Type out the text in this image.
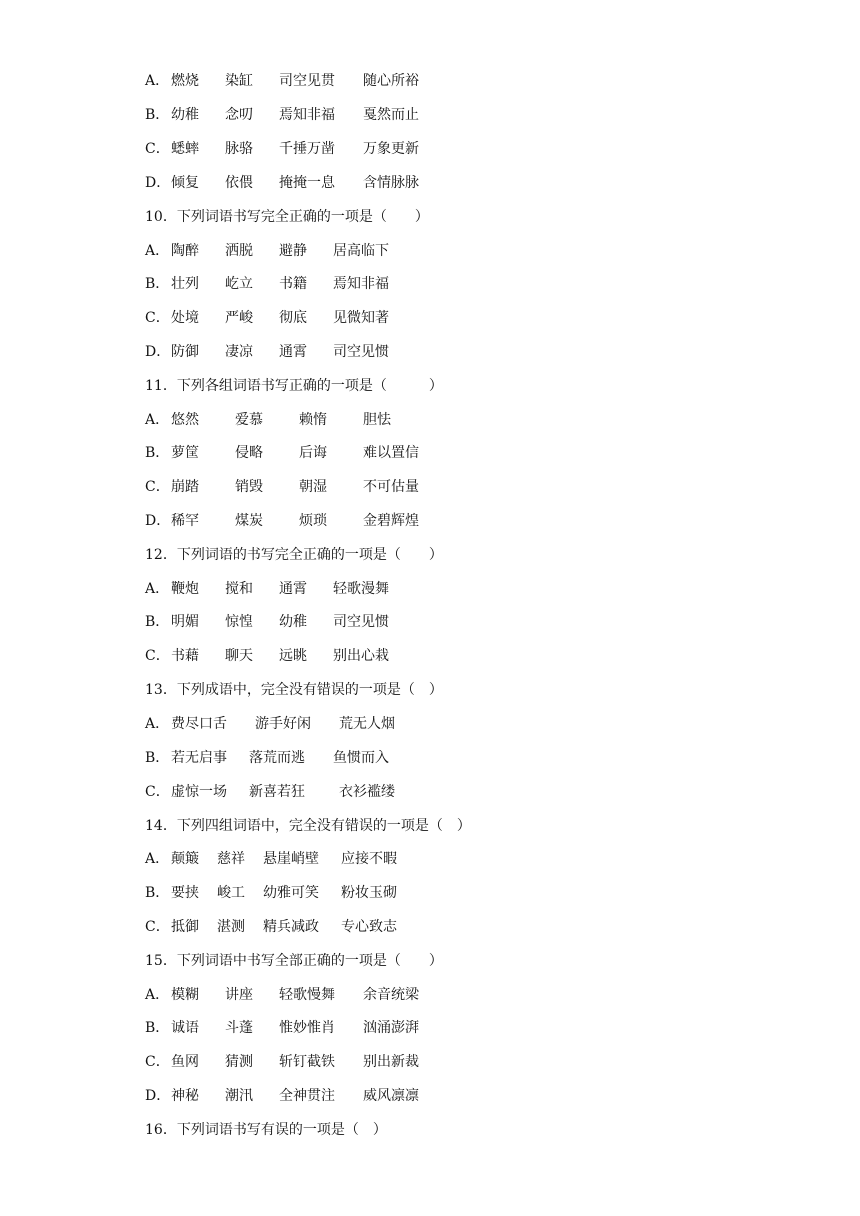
A． 燃烧 染缸 司空见贯 随心所裕
B． 幼稚 念叨 焉知非福 戛然而止
C． 蟋蟀 脉骆 千捶万凿 万象更新
D． 倾复 依偎 掩掩一息 含情脉脉
10．下列词语书写完全正确的一项是（　　）
A． 陶醉 洒脱 避静 居高临下
B． 壮列 屹立 书籍 焉知非福
C． 处境 严峻 彻底 见微知著
D． 防御 凄凉 通霄 司空见惯
11．下列各组词语书写正确的一项是（　　　）
A． 悠然	爱慕	赖惰	胆怯
B． 萝筐	侵略	后诲	难以置信
C． 崩踏	销毁	朝湿	不可估量
D． 稀罕	煤炭	烦琐	金碧辉煌
12．下列词语的书写完全正确的一项是（　　）
A． 鞭炮 搅和 通霄 轻歌漫舞
B． 明媚 惊惶 幼稚 司空见惯
C． 书藉 聊天 远眺 别出心栽
13．下列成语中，完全没有错误的一项是（　）
A． 费尽口舌 游手好闲 荒无人烟
B． 若无启事 落荒而逃 鱼惯而入
C． 虚惊一场 新喜若狂 衣衫褴缕
14．下列四组词语中，完全没有错误的一项是（　）
A． 颠簸 慈祥 悬崖峭壁 应接不暇
B． 要挟 峻工 幼雅可笑 粉妆玉砌
C． 抵御 湛测 精兵减政 专心致志
15．下列词语中书写全部正确的一项是（　　）
A． 模糊 讲座 轻歌慢舞 余音统梁
B． 诚语 斗蓬 惟妙惟肖 汹涌澎湃
C． 鱼网 猜测 斩钉截铁 别出新裁
D． 神秘 潮汛 全神贯注 威风凛凛
16．下列词语书写有误的一项是（　）
